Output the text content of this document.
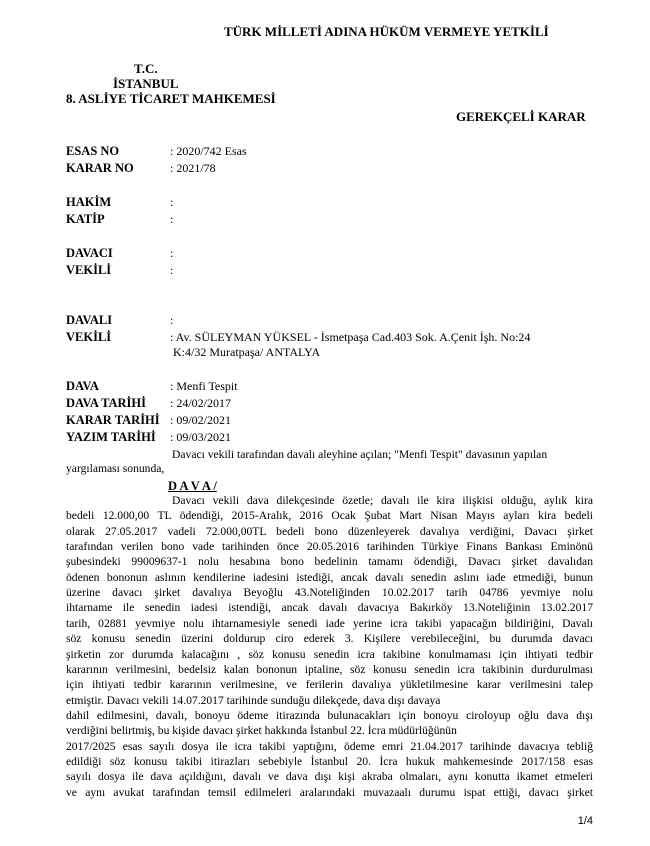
TÜRK MİLLETİ ADINA HÜKÜM VERMEYE YETKİLİ
T.C.
İSTANBUL
8. ASLİYE TİCARET MAHKEMESİ
GEREKÇELİ KARAR
ESAS NO	: 2020/742 Esas
KARAR NO	: 2021/78
HAKİM	:
KATİP	:
DAVACI	:
VEKİLİ	:
DAVALI	:
VEKİLİ	: Av. SÜLEYMAN YÜKSEL - İsmetpaşa Cad.403 Sok. A.Çenit İşh. No:24
K:4/32 Muratpaşa/ ANTALYA
DAVA	: Menfi Tespit
DAVA TARİHİ : 24/02/2017
KARAR TARİHİ : 09/02/2021
YAZIM TARİHİ : 09/03/2021
Davacı vekili tarafından davalı aleyhine açılan; "Menfi Tespit" davasının yapılan
yargılaması sonunda,
D A V A /
Davacı vekili dava dilekçesinde özetle; davalı ile kira ilişkisi olduğu, aylık kira
bedeli 12.000,00 TL ödendiği, 2015-Aralık, 2016 Ocak Şubat Mart Nisan Mayıs ayları kira bedeli
olarak 27.05.2017 vadeli 72.000,00TL bedeli bono düzenleyerek davalıya verdiğini, Davacı şirket
tarafından verilen bono vade tarihinden önce 20.05.2016 tarihinden Türkiye Finans Bankası Eminönü
şubesindeki 99009637-1 nolu hesabına bono bedelinin tamamı ödendiği, Davacı şirket davalıdan
ödenen bononun aslının kendilerine iadesini istediği, ancak davalı senedin aslını iade etmediği, bunun
üzerine davacı şirket davalıya Beyoğlu 43.Noteliğinden 10.02.2017 tarih 04786 yevmiye nolu
ihtarname ile senedin iadesi istendiği, ancak davalı davacıya Bakırköy 13.Noteliğinin 13.02.2017
tarih, 02881 yevmiye nolu ihtarnamesiyle senedi iade yerine icra takibi yapacağın bildiriğini, Davalı
söz konusu senedin üzerini doldurup ciro ederek 3. Kişilere verebileceğini, bu durumda davacı
şirketin zor durumda kalacağını , söz konusu senedin icra takibine konulmaması için ihtiyati tedbir
kararının verilmesini, bedelsiz kalan bononun iptaline, söz konusu senedin icra takibinin durdurulması
için ihtiyati tedbir kararının verilmesine, ve ferilerin davalıya yükletilmesine karar verilmesini talep
etmiştir. Davacı vekili 14.07.2017 tarihinde sunduğu dilekçede, dava dışı davaya
dahil edilmesini, davalı, bonoyu ödeme itirazında bulunacakları için bonoyu ciroloyup oğlu dava dışı
verdiğini belirtmiş, bu kişide davacı şirket hakkında İstanbul 22. İcra müdürlüğünün
2017/2025 esas sayılı dosya ile icra takibi yaptığını, ödeme emri 21.04.2017 tarihinde davacıya tebliğ
edildiği söz konusu takibi itirazları sebebiyle İstanbul 20. İcra hukuk mahkemesinde 2017/158 esas
sayılı dosya ile dava açıldığını, davalı ve dava dışı kişi akraba olmaları, aynı konutta ikamet etmeleri
ve aynı avukat tarafından temsil edilmeleri aralarındaki muvazaalı durumu ispat ettiği, davacı şirket
1/4
